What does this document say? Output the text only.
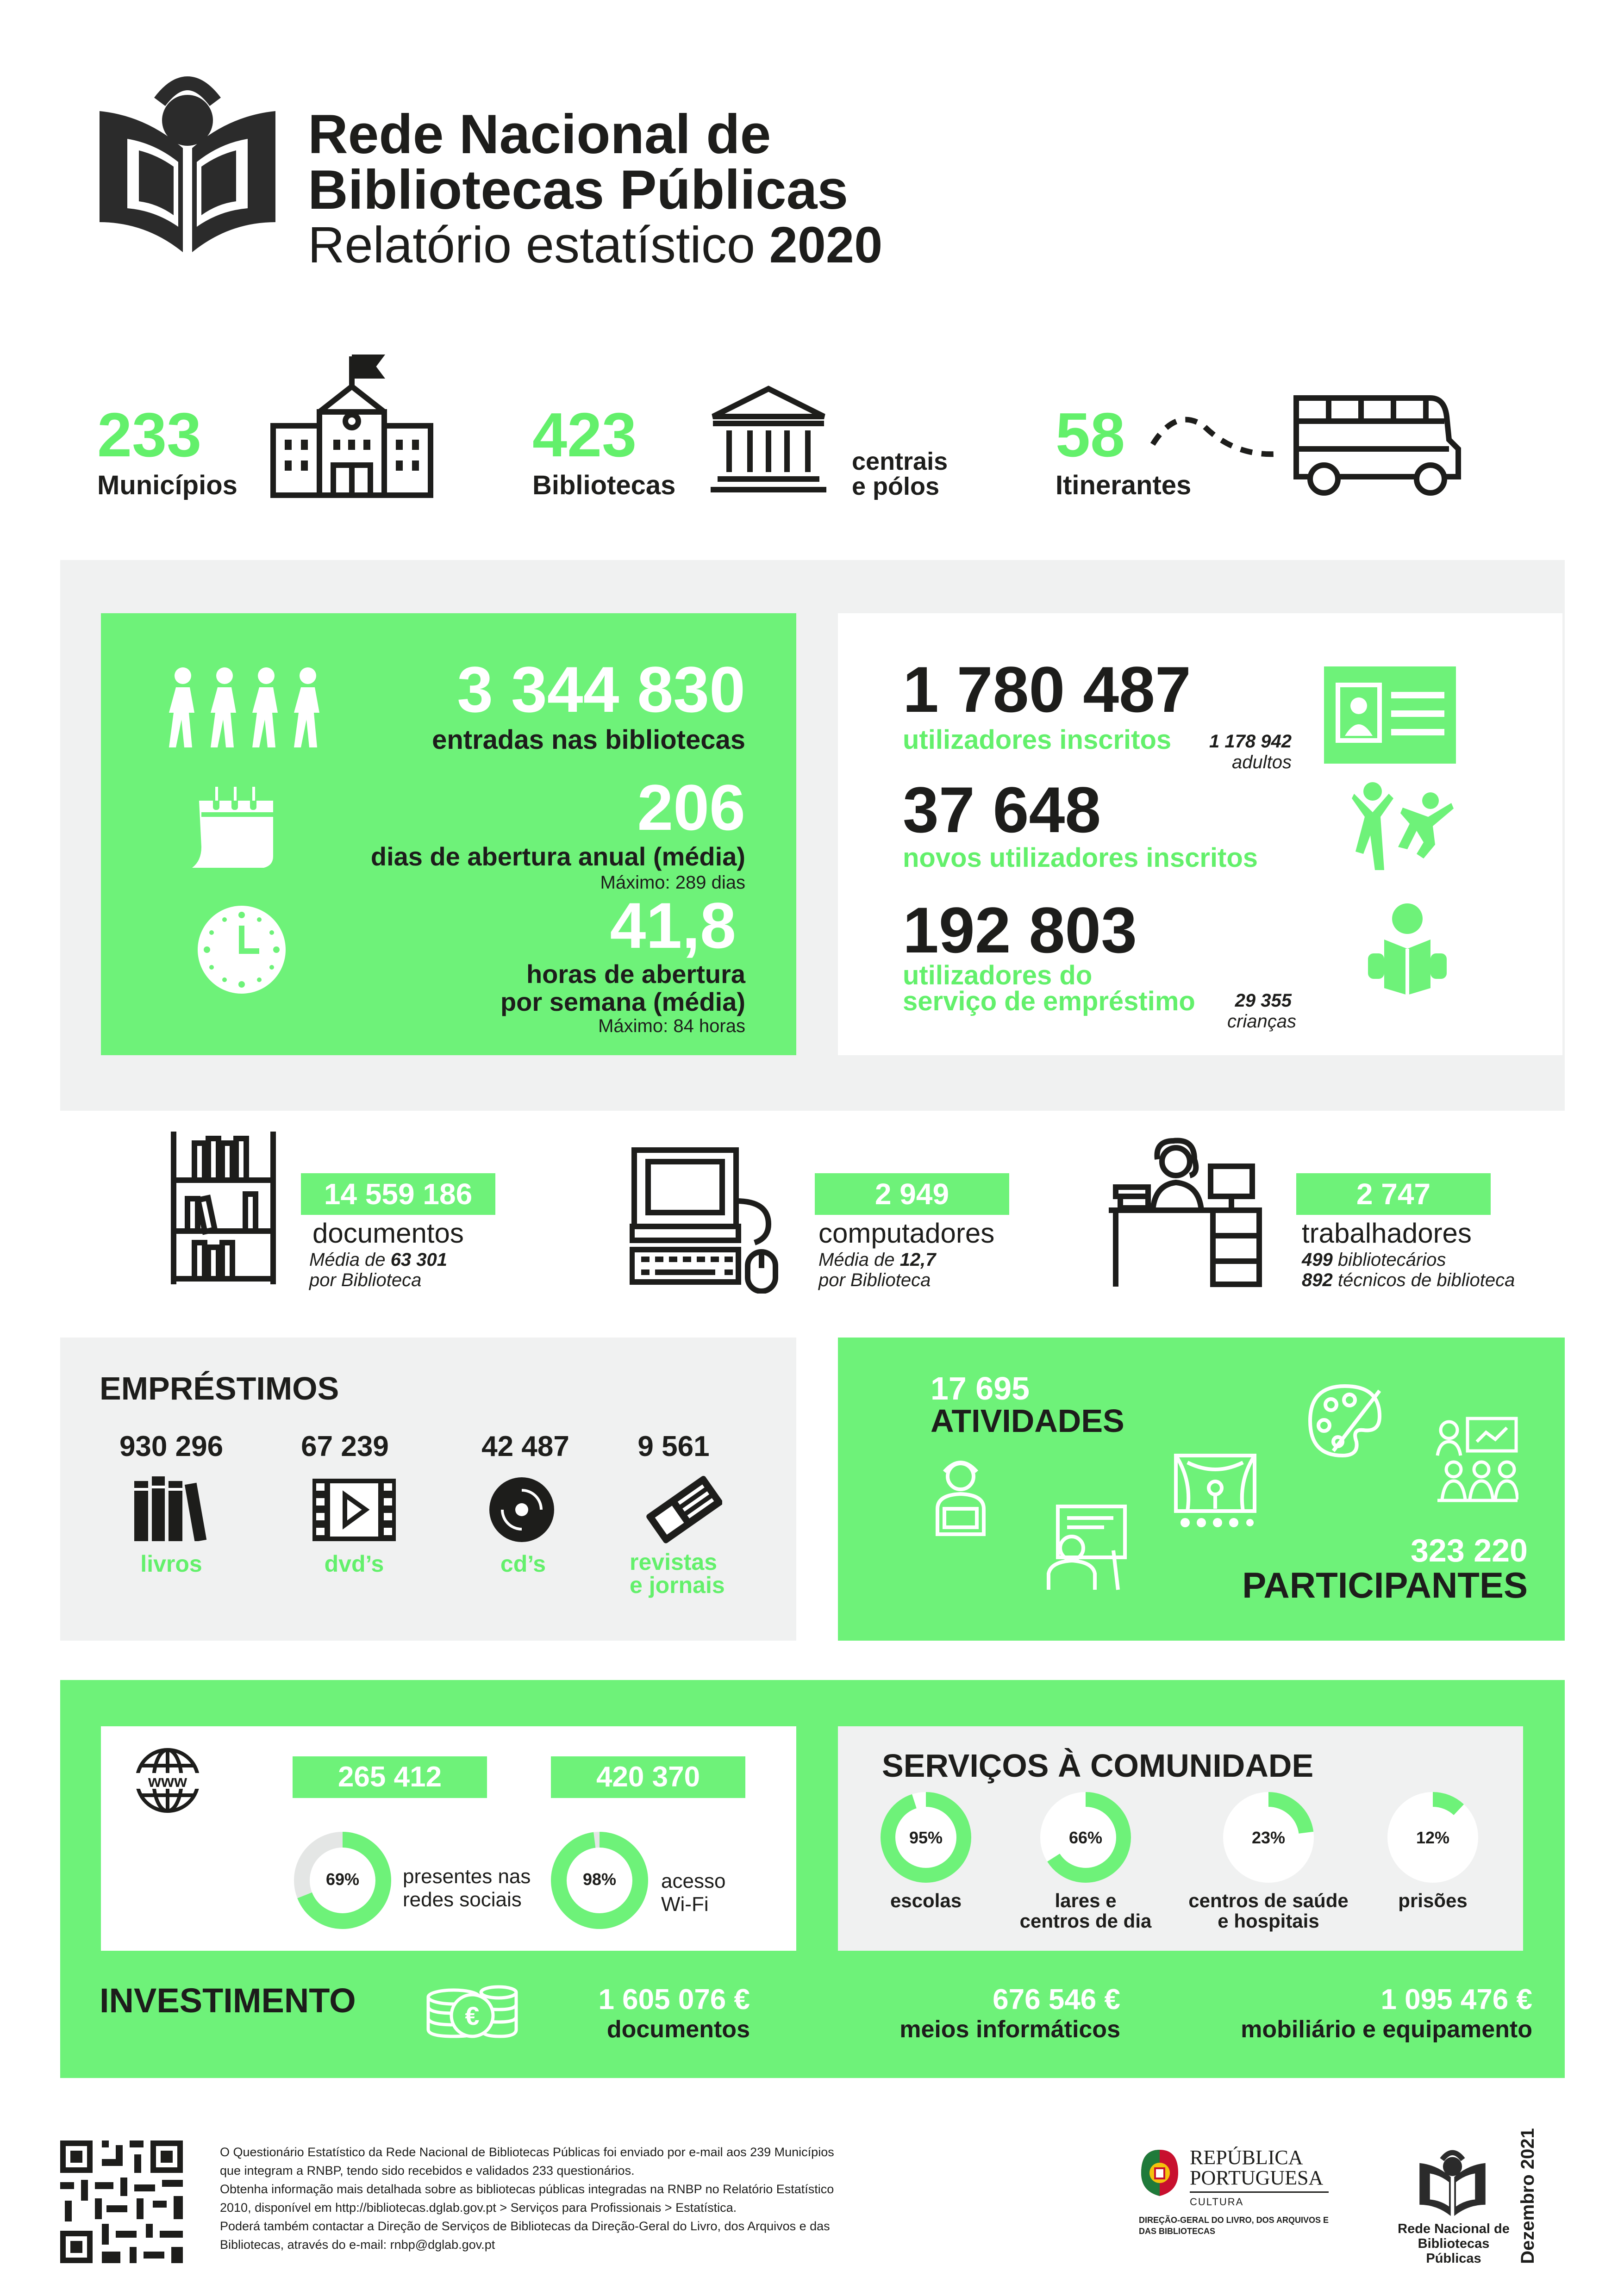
Rede Nacional de
Bibliotecas Públicas
Relatório estatístico 2020
233
Municípios
423
Bibliotecas
centrais
e pólos
58
Itinerantes
3 344 830
entradas nas bibliotecas
206
dias de abertura anual (média)
Máximo: 289 dias
41,8
horas de abertura
por semana (média)
Máximo: 84 horas
1 780 487
utilizadores inscritos	1 178 942
adultos
37 648
novos utilizadores inscritos
192 803
utilizadores do
serviço de empréstimo	29 355
crianças
14 559 186
documentos
Média de 63 301
por Biblioteca
2 949
computadores
Média de 12,7
por Biblioteca
2 747
trabalhadores
499 bibliotecários
892 técnicos de biblioteca
EMPRÉSTIMOS
930 296
livros
67 239
dvd’s
42 487
cd’s
9 561
revistas
e jornais
17 695
ATIVIDADES
323 220
PARTICIPANTES
www	265 412
69%	presentes nas
redes sociais
420 370
98%	acesso
Wi-Fi
SERVIÇOS À COMUNIDADE
95%
escolas
66%
lares e
centros de dia
23%
centros de saúde
e hospitais
12%
prisões
INVESTIMENTO	€
1 605 076 €
documentos
676 546 €
meios informáticos
1 095 476 €
mobiliário e equipamento
O Questionário Estatístico da Rede Nacional de Bibliotecas Públicas foi enviado por e-mail aos 239 Municípios
que integram a RNBP, tendo sido recebidos e validados 233 questionários.
Obtenha informação mais detalhada sobre as bibliotecas públicas integradas na RNBP no Relatório Estatístico
2010, disponível em http://bibliotecas.dglab.gov.pt > Serviços para Profissionais > Estatística.
Poderá também contactar a Direção de Serviços de Bibliotecas da Direção-Geral do Livro, dos Arquivos e das
Bibliotecas, através do e-mail: rnbp@dglab.gov.pt
REPÚBLICA
PORTUGUESA
CULTURA
DIREÇÃO-GERAL DO LIVRO, DOS ARQUIVOS E
DAS BIBLIOTECAS	Rede Nacional de
Bibliotecas Públicas	Dezembro 2021
